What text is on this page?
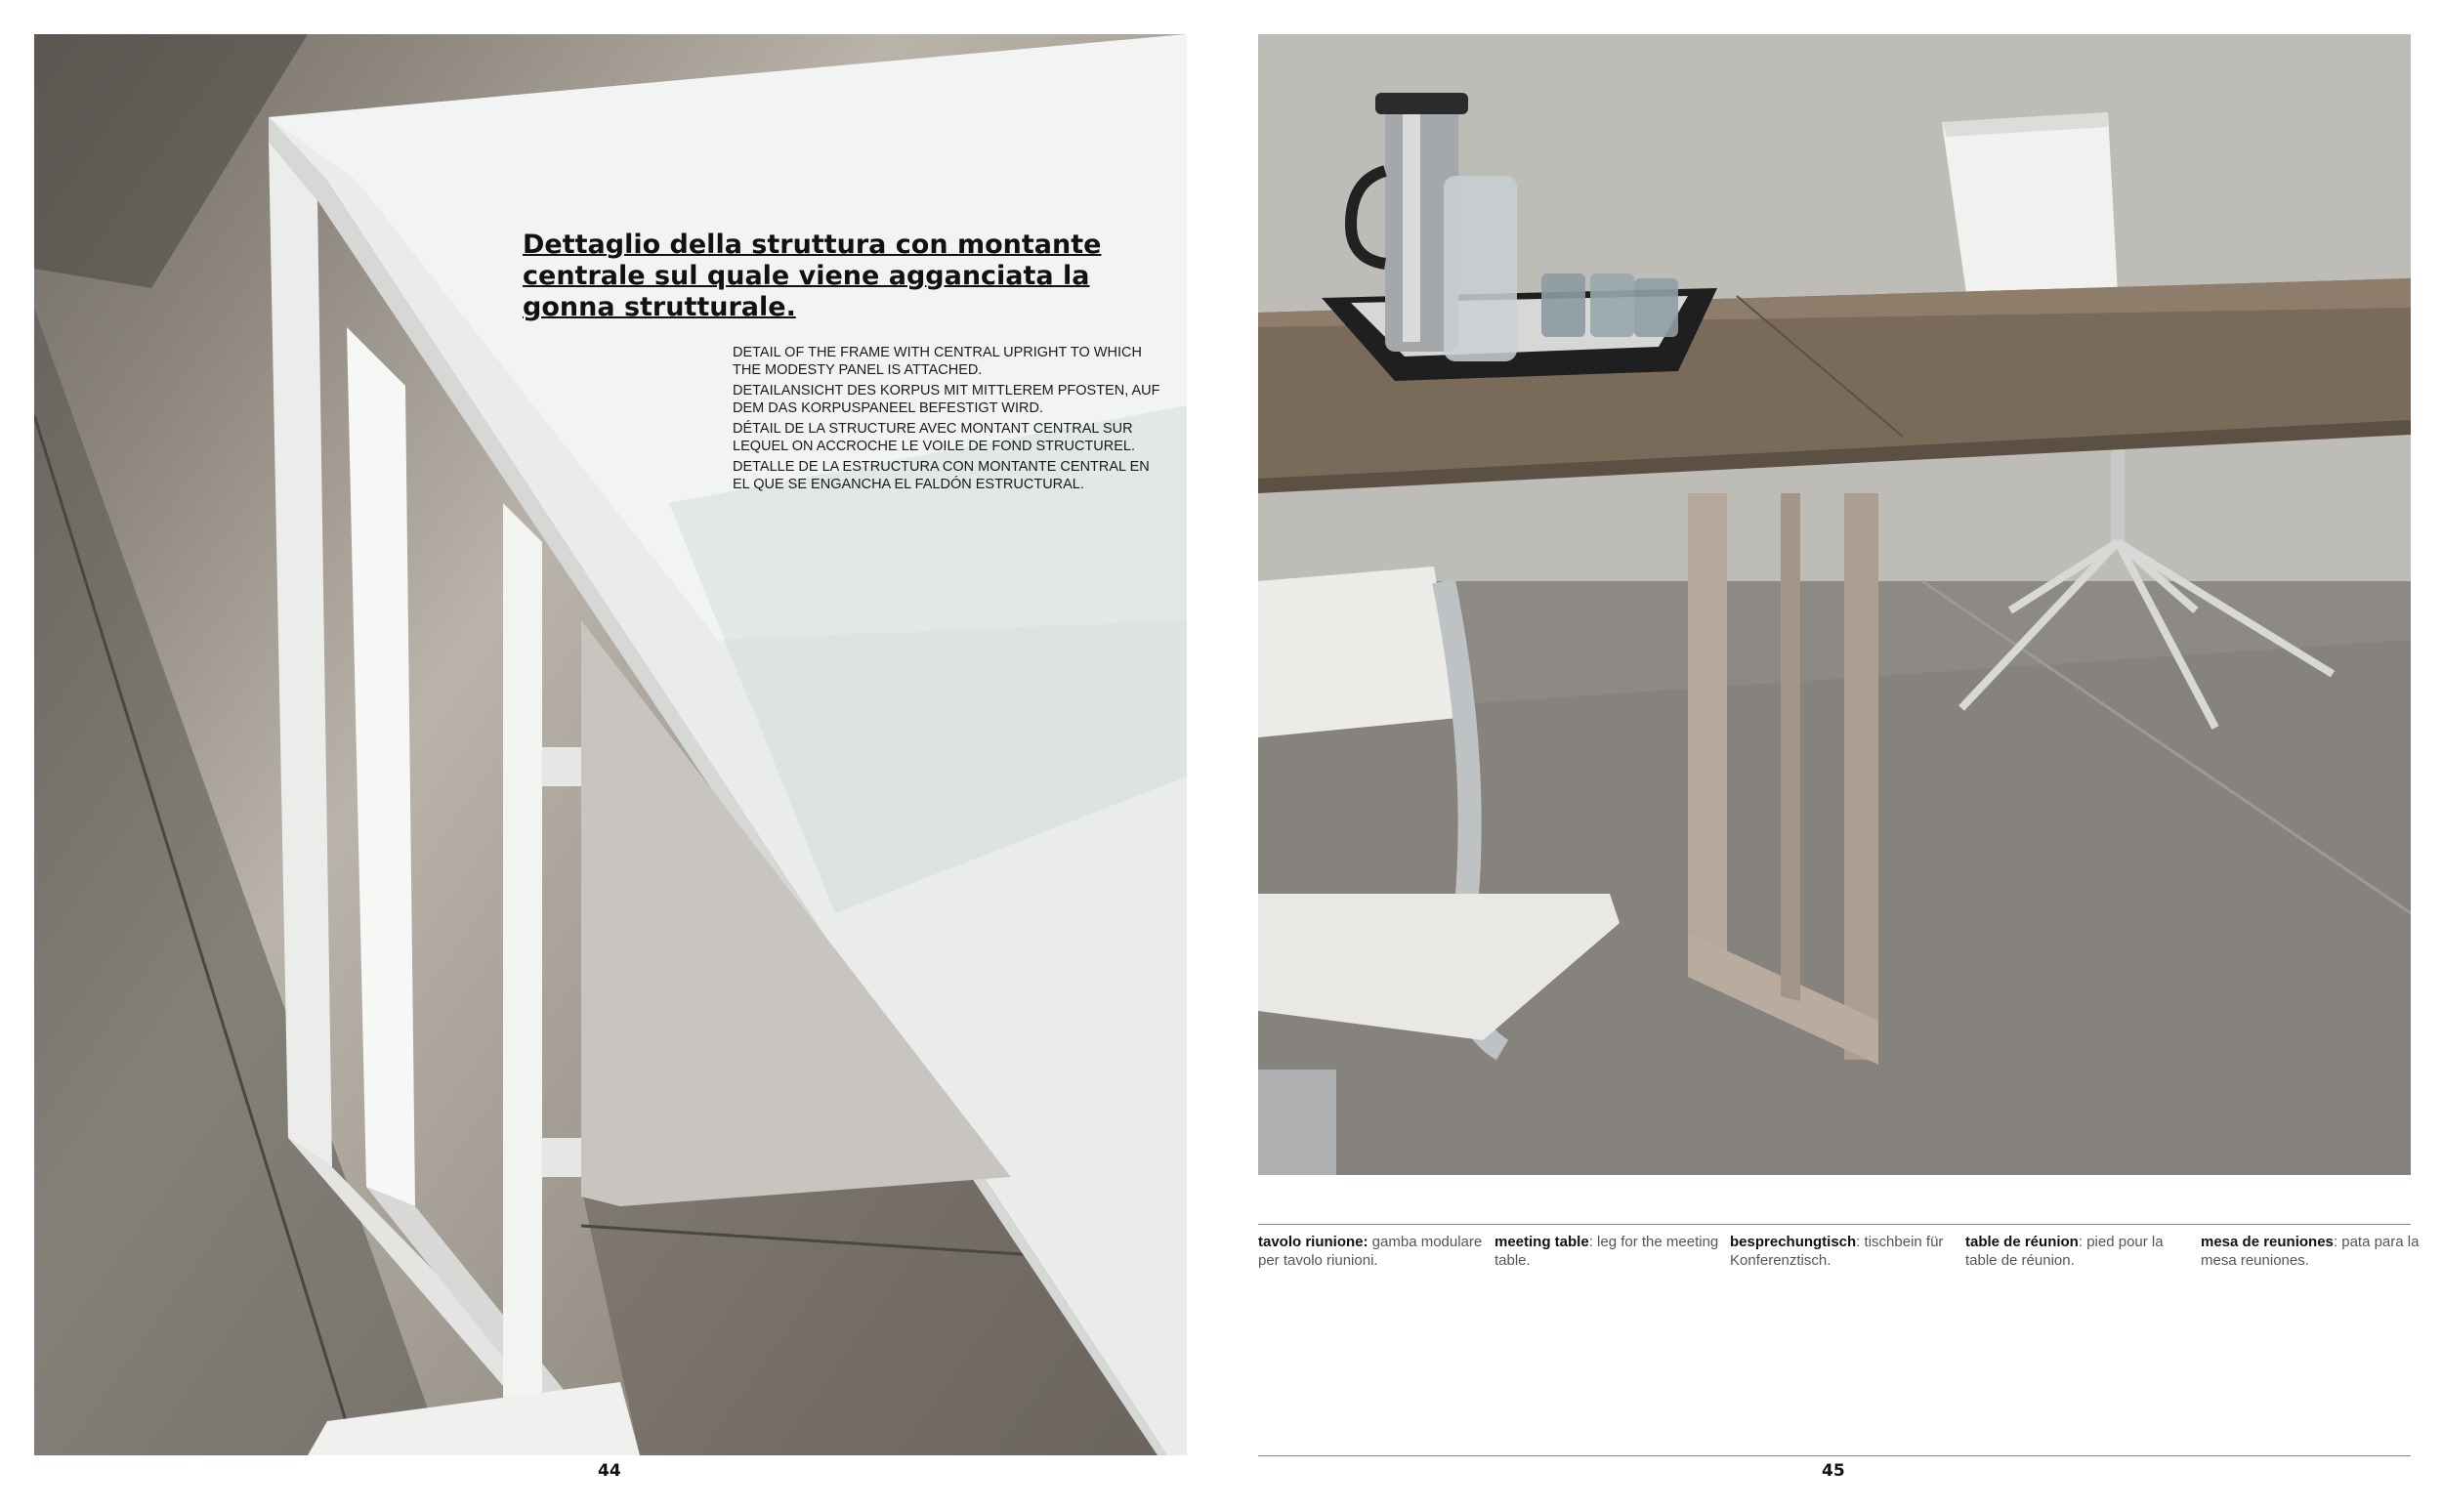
Dettaglio della struttura con montante centrale sul quale viene agganciata la gonna strutturale.

DETAIL OF THE FRAME WITH CENTRAL UPRIGHT TO WHICH THE MODESTY PANEL IS ATTACHED.

DETAILANSICHT DES KORPUS MIT MITTLEREM PFOSTEN, AUF DEM DAS KORPUSPANEEL BEFESTIGT WIRD.

DÉTAIL DE LA STRUCTURE AVEC MONTANT CENTRAL SUR LEQUEL ON ACCROCHE LE VOILE DE FOND STRUCTUREL.

DETALLE DE LA ESTRUCTURA CON MONTANTE CENTRAL EN EL QUE SE ENGANCHA EL FALDÓN ESTRUCTURAL.

44
tavolo riunione: gamba modulare per tavolo riunioni.
meeting table: leg for the meeting table.
besprechungtisch: tischbein für Konferenztisch.
table de réunion: pied pour la table de réunion.
mesa de reuniones: pata para la mesa reuniones.
45
